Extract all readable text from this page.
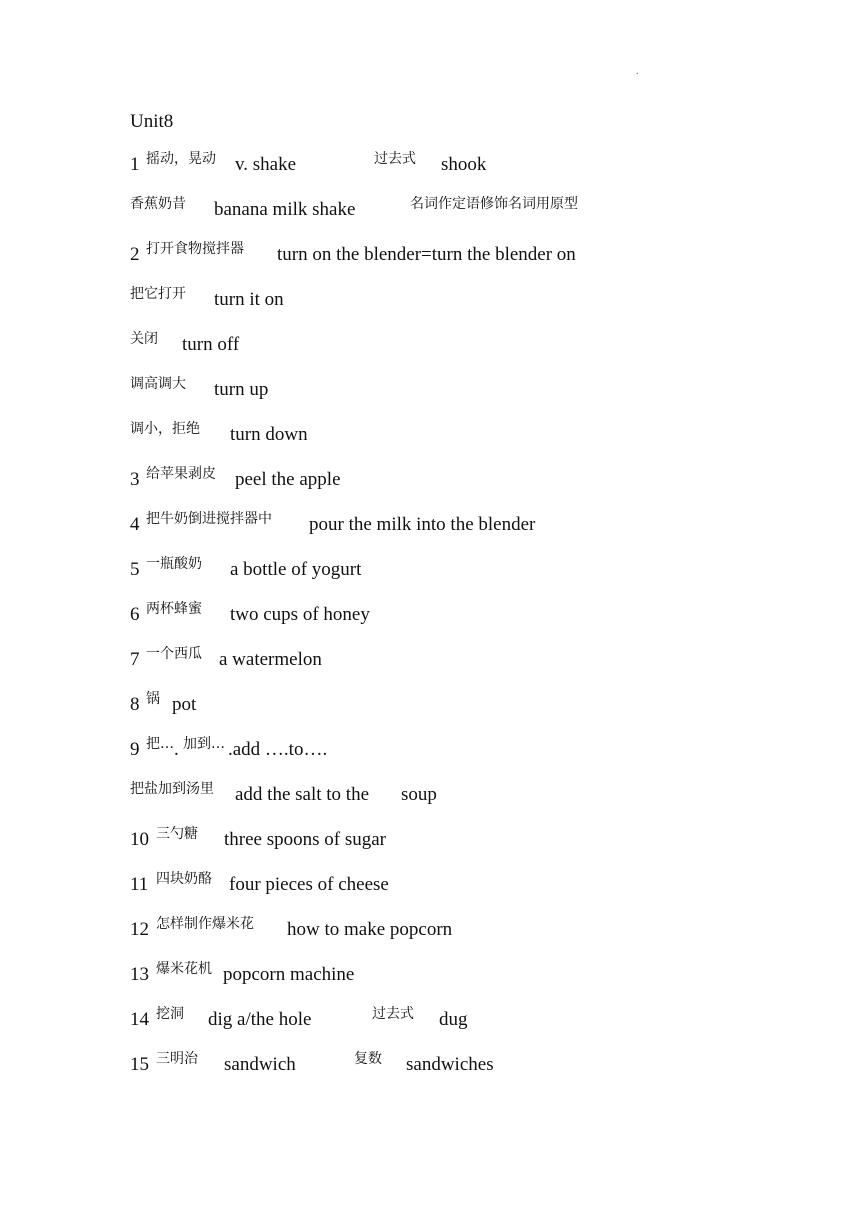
.
Unit8
1 摇动，晃动 v. shake	过去式 shook
香蕉奶昔 banana milk shake	名词作定语修饰名词用原型
2 打开食物搅拌器 turn on the blender=turn the blender on
把它打开 turn it on
关闭 turn off
调高调大 turn up
调小，拒绝 turn down
3 给苹果剥皮 peel the apple
4 把牛奶倒进搅拌器中 pour the milk into the blender
5 一瓶酸奶 a bottle of yogurt
6 两杯蜂蜜 two cups of honey
7 一个西瓜 a watermelon
8 锅 pot
9 把… . 加到… .add ….to….
把盐加到汤里 add the salt to the soup
10 三勺糖 three spoons of sugar
11 四块奶酪 four pieces of cheese
12 怎样制作爆米花 how to make popcorn
13 爆米花机 popcorn machine
14 挖洞 dig a/the hole	过去式 dug
15 三明治 sandwich	复数 sandwiches
